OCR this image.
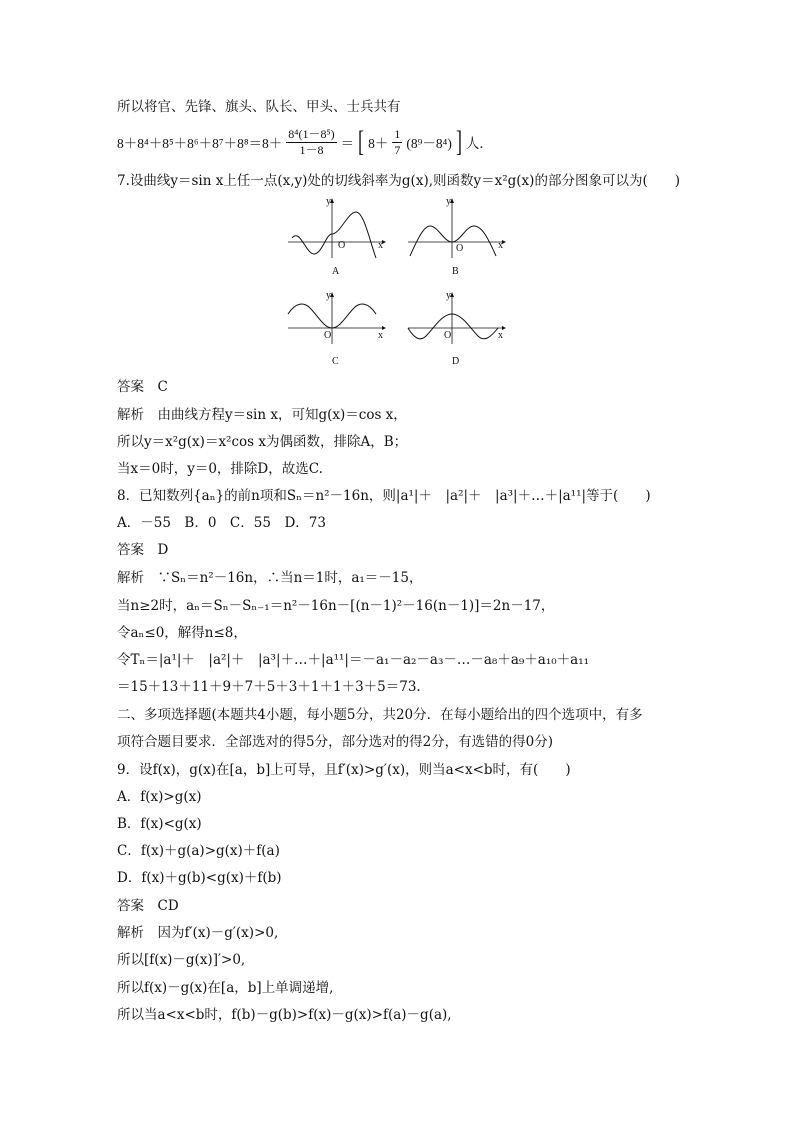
所以将官、先锋、旗头、队长、甲头、士兵共有
$8+8^4+8^5+8^6+8^7+8^8=8+ \frac{\text{8⁴(1－8⁵)}}{1-8}$ ＝ [ $8+ \frac{1}{7} (8^9-8^4)$ ] 人．
7.设曲线y＝sin x上任一点(x,y)处的切线斜率为g(x),则函数y＝x²g(x)的部分图象可以为(　　)
y
x
O
A
y
x
O
B
y
x
O
C
y
x
O
D
答案　C
解析　由曲线方程y＝sin x，可知g(x)＝cos x，
所以y＝x²g(x)＝x²cos x为偶函数，排除A，B；
当x＝0时，y＝0，排除D，故选C.
8．已知数列{aₙ}的前n项和Sₙ＝n²－16n，则|a¹|＋　|a²|＋　|a³|＋…＋|a¹¹|等于(　　)
A．－55　B．0　C．55　D．73
答案　D
解析　∵Sₙ＝n²－16n，∴当n＝1时，a₁＝－15，
当n≥2时，aₙ＝Sₙ－Sₙ₋₁＝n²－16n－[(n－1)²－16(n－1)]＝2n－17，
令aₙ≤0，解得n≤8，
令Tₙ＝|a¹|＋　|a²|＋　|a³|＋…＋|a¹¹|＝－a₁－a₂－a₃－…－a₈＋a₉＋a₁₀＋a₁₁
＝15＋13＋11＋9＋7＋5＋3＋1＋1＋3＋5＝73.
二、多项选择题(本题共4小题，每小题5分，共20分．在每小题给出的四个选项中，有多
项符合题目要求．全部选对的得5分，部分选对的得2分，有选错的得0分)
9．设f(x)，g(x)在[a，b]上可导，且f′(x)>g′(x)，则当a<x<b时，有(　　)
A．f(x)>g(x)
B．f(x)<g(x)
C．f(x)＋g(a)>g(x)＋f(a)
D．f(x)＋g(b)<g(x)＋f(b)
答案　CD
解析　因为f′(x)－g′(x)>0,
所以[f(x)－g(x)]′>0,
所以f(x)－g(x)在[a，b]上单调递增,
所以当a<x<b时，f(b)－g(b)>f(x)－g(x)>f(a)－g(a),
